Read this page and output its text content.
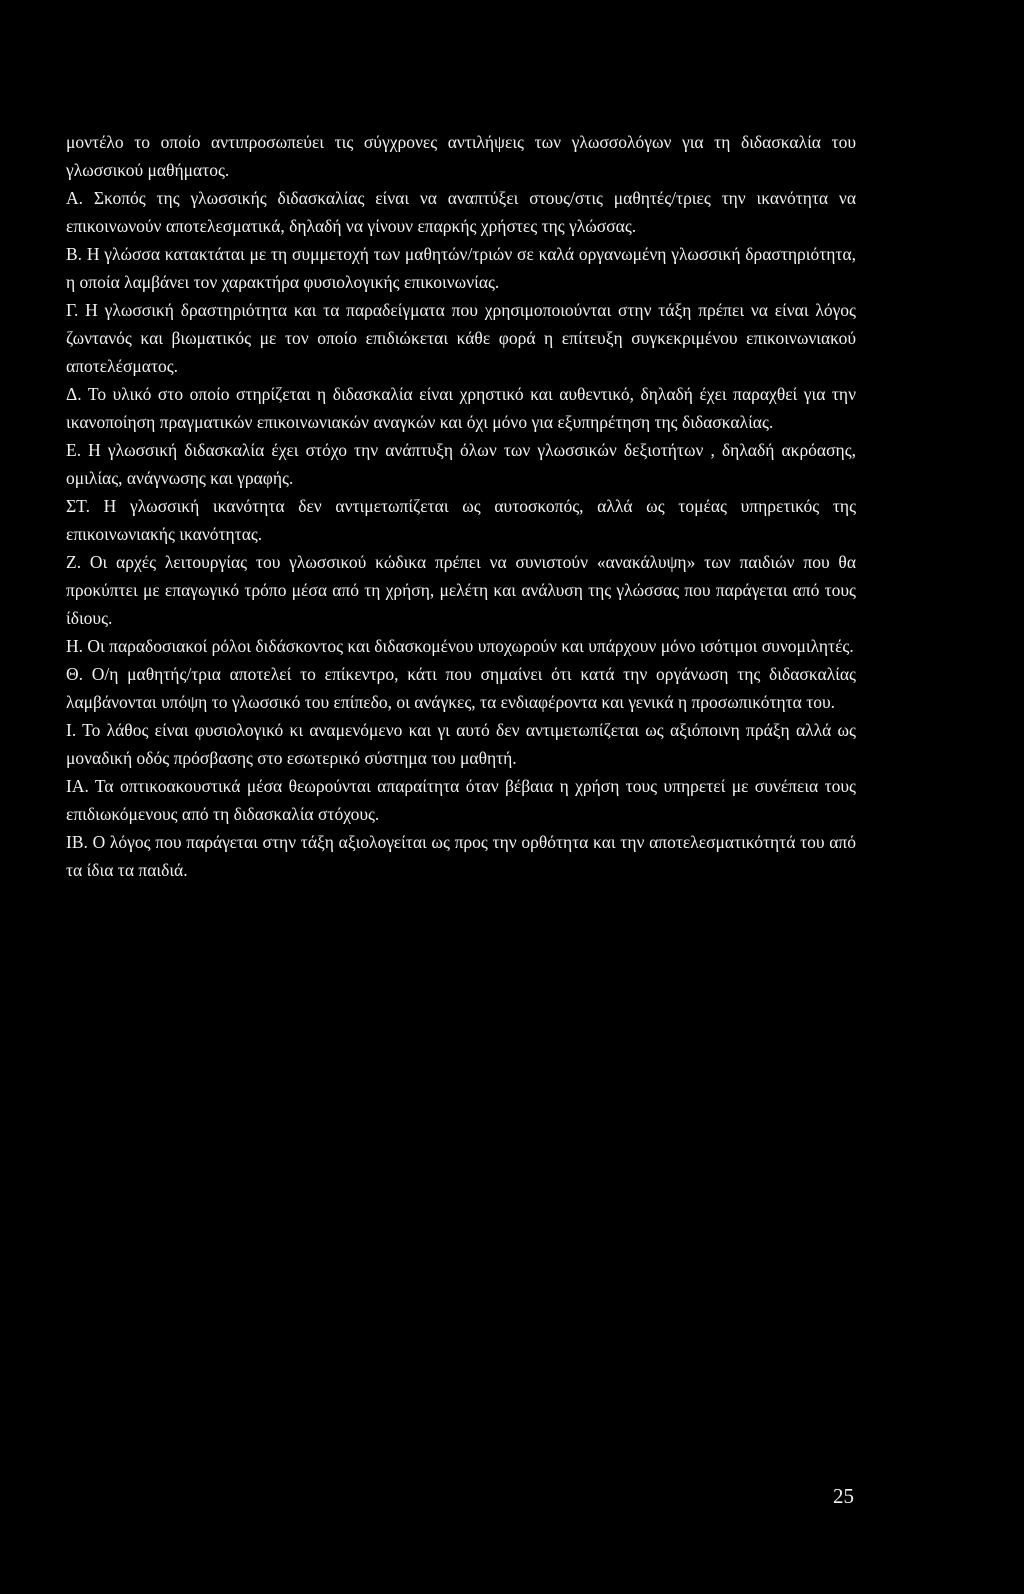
μοντέλο το οποίο αντιπροσωπεύει τις σύγχρονες αντιλήψεις των γλωσσολόγων για τη διδασκαλία του γλωσσικού μαθήματος.

Α. Σκοπός της γλωσσικής διδασκαλίας είναι να αναπτύξει στους/στις μαθητές/τριες την ικανότητα να επικοινωνούν αποτελεσματικά, δηλαδή να γίνουν επαρκής χρήστες της γλώσσας.

Β. Η γλώσσα κατακτάται με τη συμμετοχή των μαθητών/τριών σε καλά οργανωμένη γλωσσική δραστηριότητα, η οποία λαμβάνει τον χαρακτήρα φυσιολογικής επικοινωνίας.

Γ. Η γλωσσική δραστηριότητα και τα παραδείγματα που χρησιμοποιούνται στην τάξη πρέπει να είναι λόγος ζωντανός και βιωματικός με τον οποίο επιδιώκεται κάθε φορά η επίτευξη συγκεκριμένου επικοινωνιακού αποτελέσματος.

Δ. Το υλικό στο οποίο στηρίζεται η διδασκαλία είναι χρηστικό και αυθεντικό, δηλαδή έχει παραχθεί για την ικανοποίηση πραγματικών επικοινωνιακών αναγκών και όχι μόνο για εξυπηρέτηση της διδασκαλίας.

Ε. Η γλωσσική διδασκαλία έχει στόχο την ανάπτυξη όλων των γλωσσικών δεξιοτήτων , δηλαδή ακρόασης, ομιλίας, ανάγνωσης και γραφής.

ΣΤ. Η γλωσσική ικανότητα δεν αντιμετωπίζεται ως αυτοσκοπός, αλλά ως τομέας υπηρετικός της επικοινωνιακής ικανότητας.

Ζ. Οι αρχές λειτουργίας του γλωσσικού κώδικα πρέπει να συνιστούν «ανακάλυψη» των παιδιών που θα προκύπτει με επαγωγικό τρόπο μέσα από τη χρήση, μελέτη και ανάλυση της γλώσσας που παράγεται από τους ίδιους.

Η. Οι παραδοσιακοί ρόλοι διδάσκοντος και διδασκομένου υποχωρούν και υπάρχουν μόνο ισότιμοι συνομιλητές.

Θ. Ο/η μαθητής/τρια αποτελεί το επίκεντρο, κάτι που σημαίνει ότι κατά την οργάνωση της διδασκαλίας λαμβάνονται υπόψη το γλωσσικό του επίπεδο, οι ανάγκες, τα ενδιαφέροντα και γενικά η προσωπικότητα του.

Ι. Το λάθος είναι φυσιολογικό κι αναμενόμενο και γι αυτό δεν αντιμετωπίζεται ως αξιόποινη πράξη αλλά ως μοναδική οδός πρόσβασης στο εσωτερικό σύστημα του μαθητή.

ΙΑ. Τα οπτικοακουστικά μέσα θεωρούνται απαραίτητα όταν βέβαια η χρήση τους υπηρετεί με συνέπεια τους επιδιωκόμενους από τη διδασκαλία στόχους.

ΙΒ. Ο λόγος που παράγεται στην τάξη αξιολογείται ως προς την ορθότητα και την αποτελεσματικότητά του από τα ίδια τα παιδιά.

25
